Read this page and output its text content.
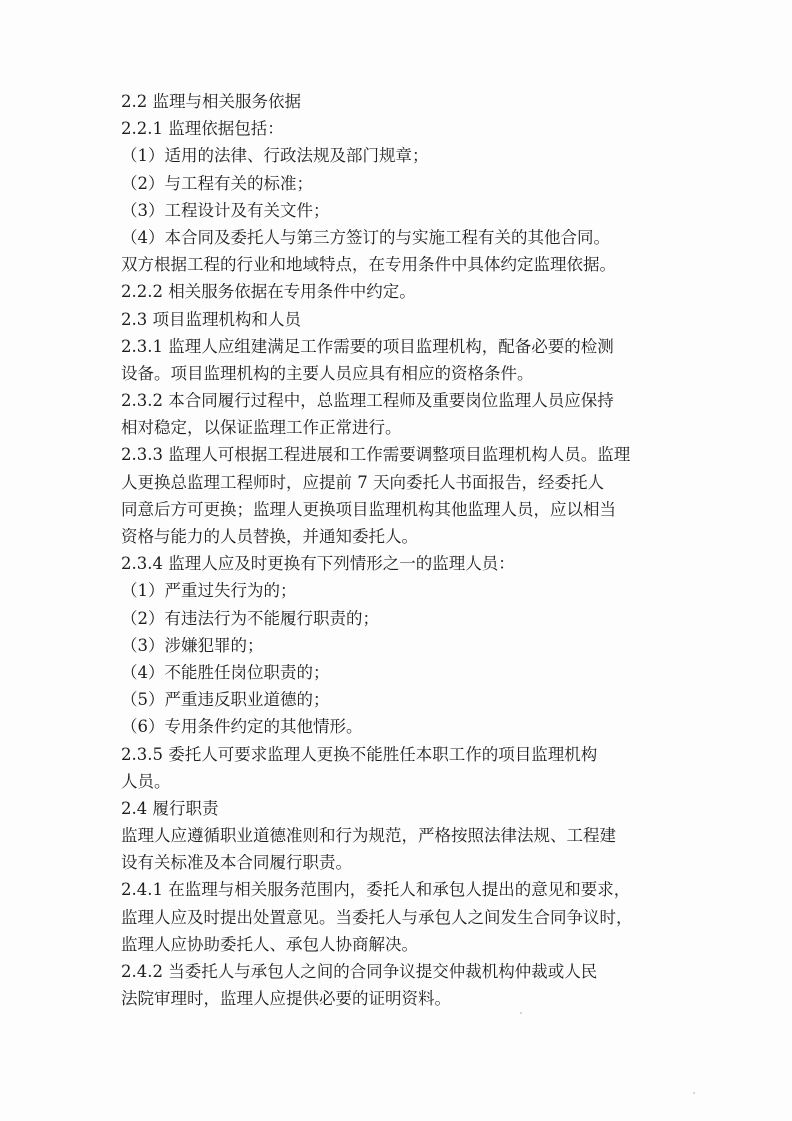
2.2 监理与相关服务依据
2.2.1 监理依据包括：
（1）适用的法律、行政法规及部门规章；
（2）与工程有关的标准；
（3）工程设计及有关文件；
（4）本合同及委托人与第三方签订的与实施工程有关的其他合同。
双方根据工程的行业和地域特点，在专用条件中具体约定监理依据。
2.2.2 相关服务依据在专用条件中约定。
2.3 项目监理机构和人员
2.3.1 监理人应组建满足工作需要的项目监理机构，配备必要的检测
设备。项目监理机构的主要人员应具有相应的资格条件。
2.3.2 本合同履行过程中，总监理工程师及重要岗位监理人员应保持
相对稳定，以保证监理工作正常进行。
2.3.3 监理人可根据工程进展和工作需要调整项目监理机构人员。监理
人更换总监理工程师时，应提前 7 天向委托人书面报告，经委托人
同意后方可更换；监理人更换项目监理机构其他监理人员，应以相当
资格与能力的人员替换，并通知委托人。
2.3.4 监理人应及时更换有下列情形之一的监理人员：
（1）严重过失行为的；
（2）有违法行为不能履行职责的；
（3）涉嫌犯罪的；
（4）不能胜任岗位职责的；
（5）严重违反职业道德的；
（6）专用条件约定的其他情形。
2.3.5 委托人可要求监理人更换不能胜任本职工作的项目监理机构
人员。
2.4 履行职责
监理人应遵循职业道德准则和行为规范，严格按照法律法规、工程建
设有关标准及本合同履行职责。
2.4.1 在监理与相关服务范围内，委托人和承包人提出的意见和要求，
监理人应及时提出处置意见。当委托人与承包人之间发生合同争议时，
监理人应协助委托人、承包人协商解决。
2.4.2 当委托人与承包人之间的合同争议提交仲裁机构仲裁或人民
法院审理时，监理人应提供必要的证明资料。
